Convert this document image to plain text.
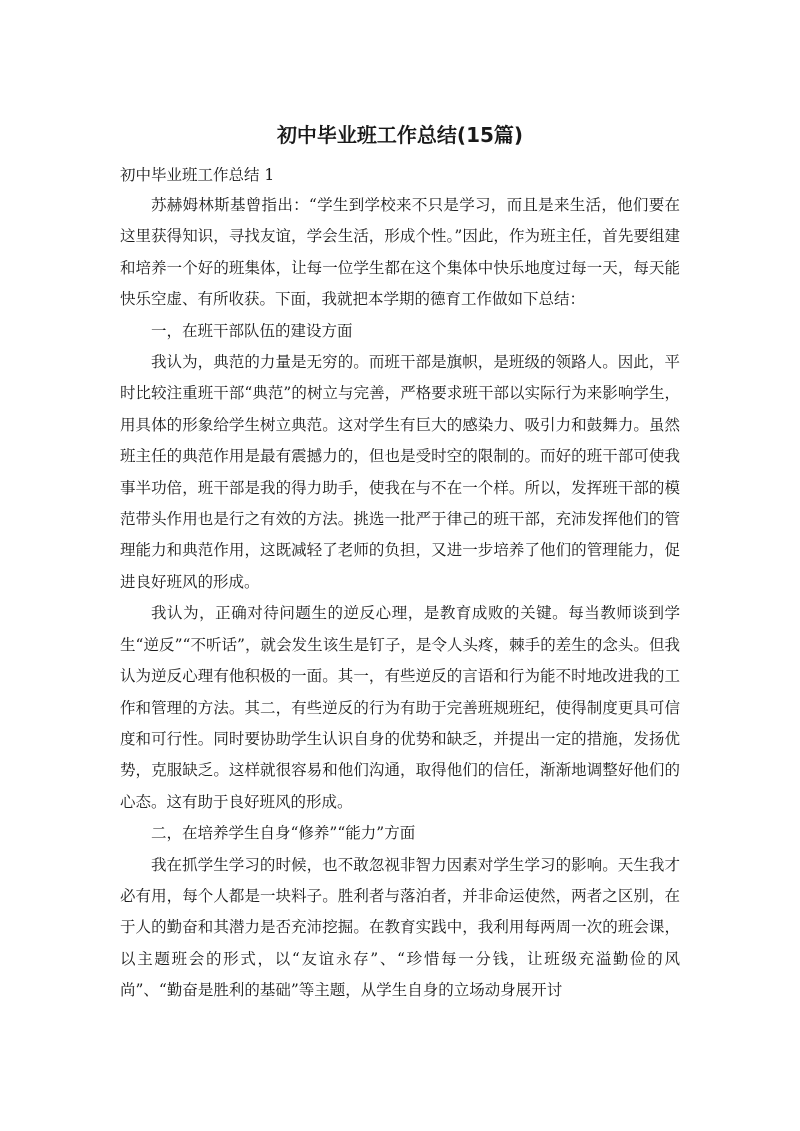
初中毕业班工作总结(15篇)

初中毕业班工作总结 1

苏赫姆林斯基曾指出：“学生到学校来不只是学习，而且是来生活，他们要在这里获得知识，寻找友谊，学会生活，形成个性。”因此，作为班主任，首先要组建和培养一个好的班集体，让每一位学生都在这个集体中快乐地度过每一天，每天能快乐空虚、有所收获。下面，我就把本学期的德育工作做如下总结：

一，在班干部队伍的建设方面

我认为，典范的力量是无穷的。而班干部是旗帜，是班级的领路人。因此，平时比较注重班干部“典范”的树立与完善，严格要求班干部以实际行为来影响学生，用具体的形象给学生树立典范。这对学生有巨大的感染力、吸引力和鼓舞力。虽然班主任的典范作用是最有震撼力的，但也是受时空的限制的。而好的班干部可使我事半功倍，班干部是我的得力助手，使我在与不在一个样。所以，发挥班干部的模范带头作用也是行之有效的方法。挑选一批严于律己的班干部，充沛发挥他们的管理能力和典范作用，这既减轻了老师的负担，又进一步培养了他们的管理能力，促进良好班风的形成。

我认为，正确对待问题生的逆反心理，是教育成败的关键。每当教师谈到学生“逆反”“不听话”，就会发生该生是钉子，是令人头疼，棘手的差生的念头。但我认为逆反心理有他积极的一面。其一，有些逆反的言语和行为能不时地改进我的工作和管理的方法。其二，有些逆反的行为有助于完善班规班纪，使得制度更具可信度和可行性。同时要协助学生认识自身的优势和缺乏，并提出一定的措施，发扬优势，克服缺乏。这样就很容易和他们沟通，取得他们的信任，渐渐地调整好他们的心态。这有助于良好班风的形成。

二，在培养学生自身“修养”“能力”方面

我在抓学生学习的时候，也不敢忽视非智力因素对学生学习的影响。天生我才必有用，每个人都是一块料子。胜利者与落泊者，并非命运使然，两者之区别，在于人的勤奋和其潜力是否充沛挖掘。在教育实践中，我利用每两周一次的班会课，以主题班会的形式，以“友谊永存”、“珍惜每一分钱，让班级充溢勤俭的风尚”、“勤奋是胜利的基础”等主题，从学生自身的立场动身展开讨
